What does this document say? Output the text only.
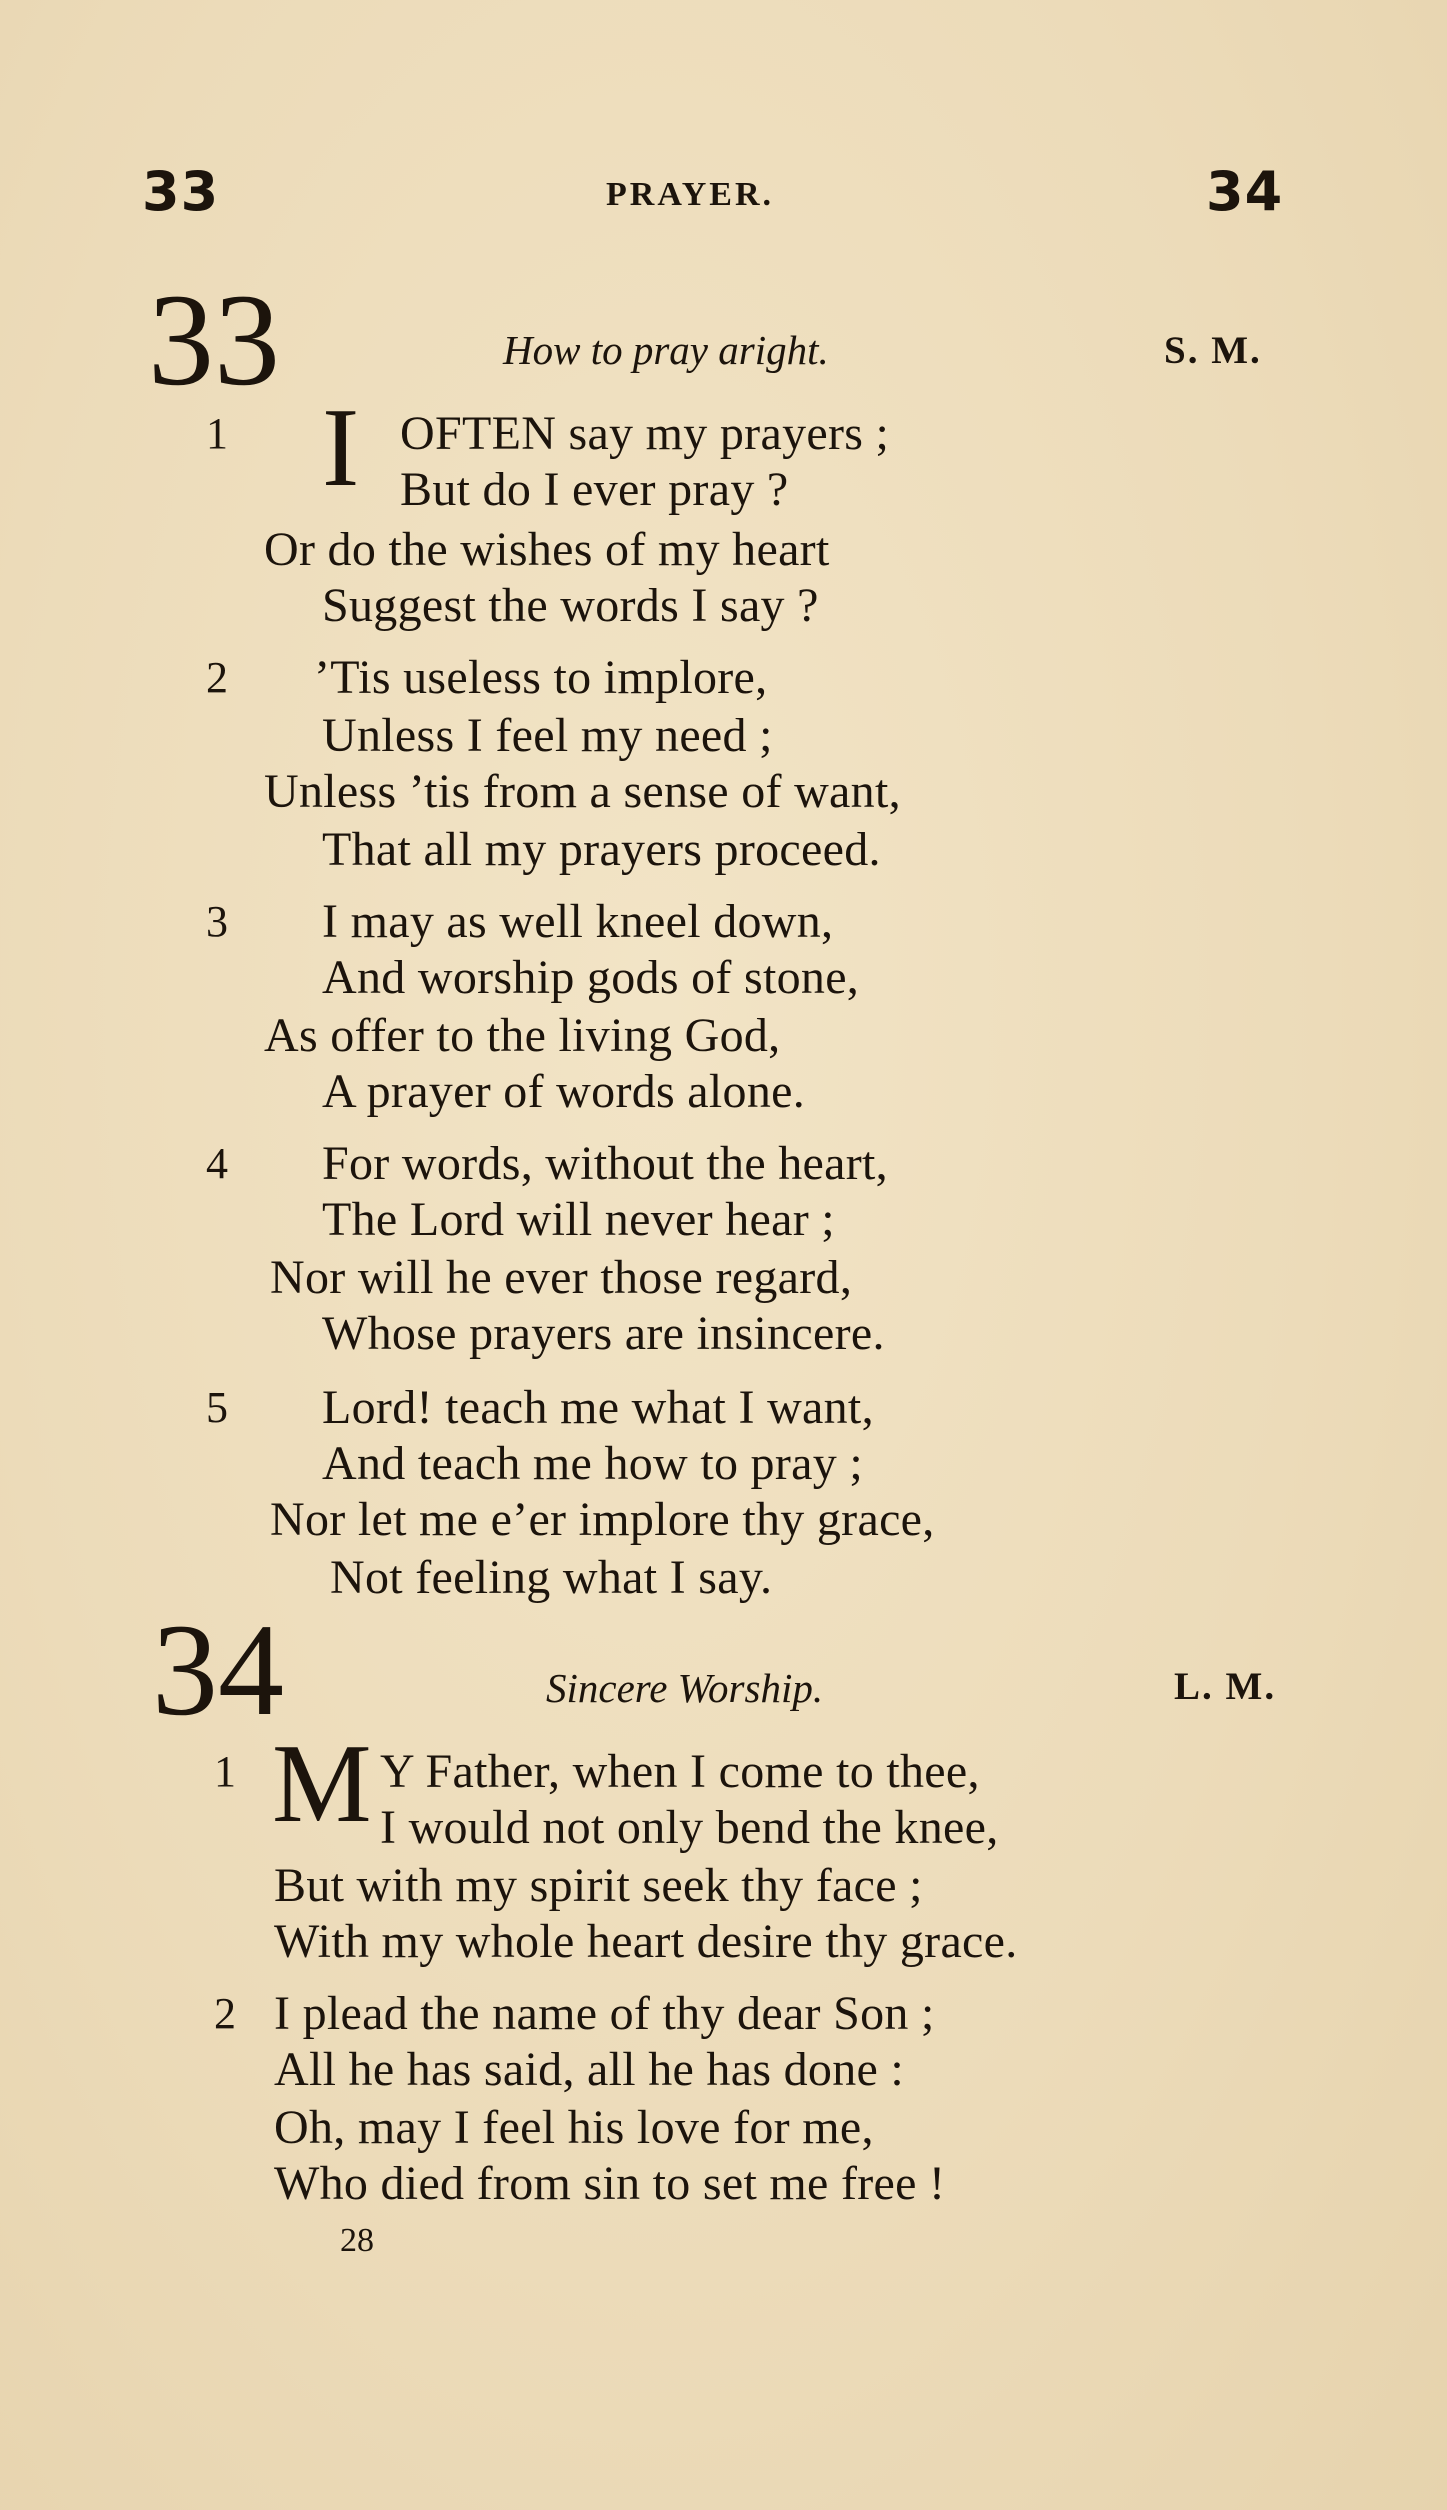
33	PRAYER.	34
33	How to pray aright.	S. M.
1 I OFTEN say my prayers ;
But do I ever pray ?
Or do the wishes of my heart
Suggest the words I say ?
2 ’Tis useless to implore,
Unless I feel my need ;
Unless ’tis from a sense of want,
That all my prayers proceed.
3 I may as well kneel down,
And worship gods of stone,
As offer to the living God,
A prayer of words alone.
4 For words, without the heart,
The Lord will never hear ;
Nor will he ever those regard,
Whose prayers are insincere.
5 Lord! teach me what I want,
And teach me how to pray ;
Nor let me e’er implore thy grace,
Not feeling what I say.
34	Sincere Worship.	L. M.
1 M Y Father, when I come to thee,
I would not only bend the knee,
But with my spirit seek thy face ;
With my whole heart desire thy grace.
2 I plead the name of thy dear Son ;
All he has said, all he has done :
Oh, may I feel his love for me,
Who died from sin to set me free !
28
